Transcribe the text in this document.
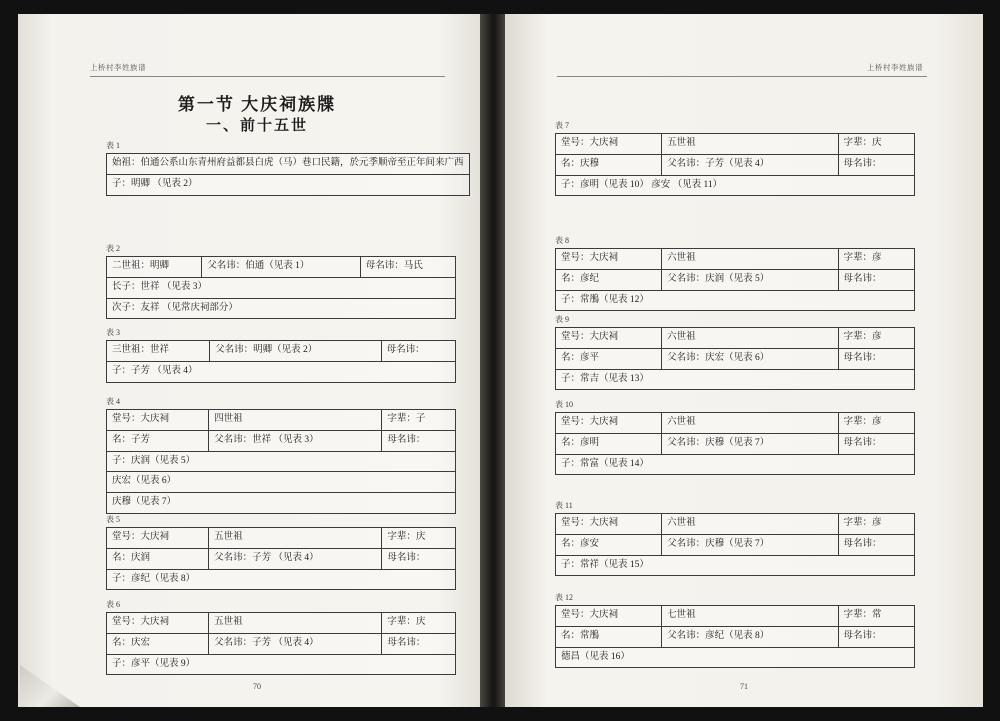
上桥村李姓族谱
第一节 大庆祠族牒
一、前十五世
70
表 1
始祖：伯通公系山东青州府益都县白虎（马）巷口民籍，於元季顺帝至正年间来广西
子：明卿 （见表 2）
表 2
二世祖：明卿	父名讳：伯通（见表 1）	母名讳：马氏
长子：世祥 （见表 3）
次子：友祥 （见常庆祠部分）
表 3
三世祖：世祥	父名讳：明卿（见表 2）	母名讳：
子：子芳 （见表 4）
表 4
堂号：大庆祠	四世祖	字辈：子
名：子芳	父名讳：世祥 （见表 3）	母名讳：
子：庆润（见表 5）		
庆宏（见表 6）		
庆穆（见表 7）		
表 5
堂号：大庆祠	五世祖	字辈：庆
名：庆润	父名讳：子芳 （见表 4）	母名讳：
子：彦纪（见表 8）		
表 6
堂号：大庆祠	五世祖	字辈：庆
名：庆宏	父名讳：子芳 （见表 4）	母名讳：
子：彦平（见表 9）		
上桥村李姓族谱
71
表 7
堂号：大庆祠	五世祖	字辈：庆
名：庆穆	父名讳：子芳（见表 4）	母名讳：
子：彦明（见表 10） 彦安 （见表 11）		
表 8
堂号：大庆祠	六世祖	字辈：彦
名：彦纪	父名讳：庆润（见表 5）	母名讳：
子：常鴅（见表 12）		
表 9
堂号：大庆祠	六世祖	字辈：彦
名：彦平	父名讳：庆宏（见表 6）	母名讳：
子：常吉（见表 13）		
表 10
堂号：大庆祠	六世祖	字辈：彦
名：彦明	父名讳：庆穆（见表 7）	母名讳：
子：常富（见表 14）		
表 11
堂号：大庆祠	六世祖	字辈：彦
名：彦安	父名讳：庆穆（见表 7）	母名讳：
子：常祥（见表 15）		
表 12
堂号：大庆祠	七世祖	字辈：常
名：常鴅	父名讳：彦纪（见表 8）	母名讳：
德昌（见表 16）		
